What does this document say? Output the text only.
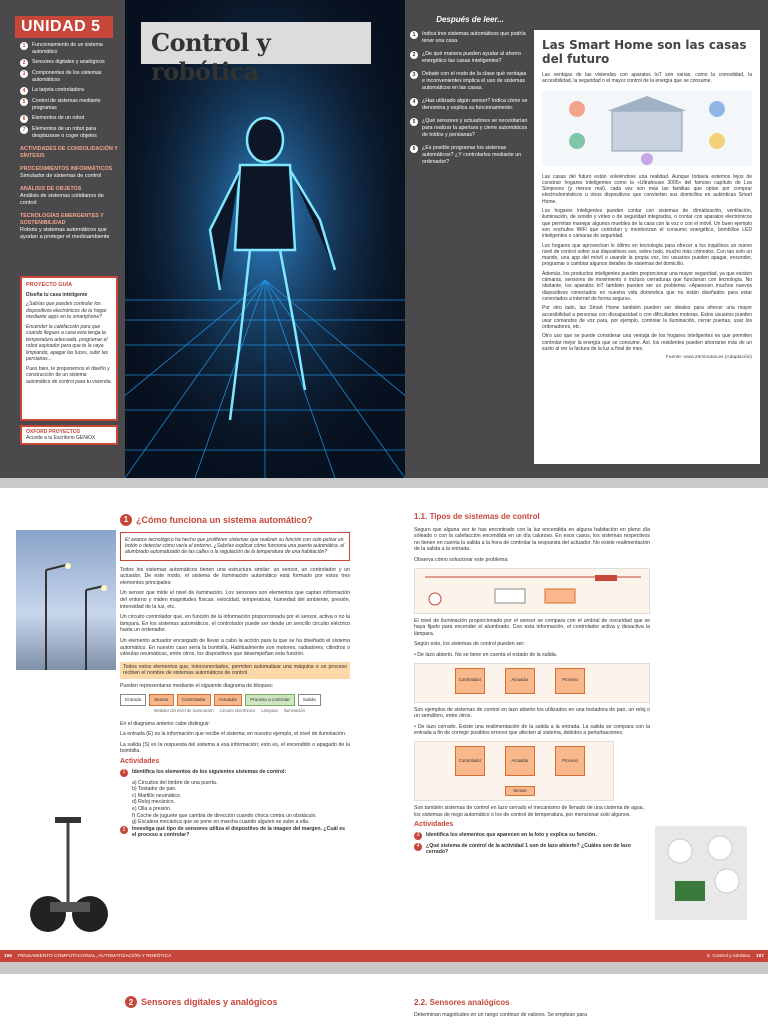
UNIDAD 5
1	Funcionamiento de un sistema automático
2	Sensores digitales y analógicos
3	Componentes de los sistemas automáticos
4	La tarjeta controladora
5	Control de sistemas mediante programas
6	Elementos de un robot
7	Elementos de un robot para desplazarse o coger objetos
ACTIVIDADES DE CONSOLIDACIÓN Y SÍNTESIS
PROCEDIMIENTOS INFORMÁTICOS
Simulador de sistemas de control
ANÁLISIS DE OBJETOS
Análisis de sistemas cotidianos de control
TECNOLOGÍAS EMERGENTES Y SOSTENIBILIDAD
Robots y sistemas automáticos que ayudan a proteger el medioambiente
PROYECTO GUÍA
Diseña tu casa inteligente

¿Sabías que puedes controlar los dispositivos electrónicos de tu hogar mediante apps en tu smartphone?

Encender la calefacción para que cuando llegues a casa esta tenga la temperatura adecuada, programar el robot aspirador para que te la vaya limpiando, apagar las luces, subir las persianas...

Pues bien, te proponemos el diseño y construcción de un sistema automático de control para tu vivienda.

OXFORD PROYECTOS
Accede a tu Escritorio GENiOX
Control y robótica
Después de leer...
1	Indica tres sistemas automáticos que podría tener una casa.
2	¿De qué manera pueden ayudar al ahorro energético las casas inteligentes?
3	Debate con el resto de la clase qué ventajas e inconvenientes implica el uso de sistemas automáticos en las casas.
4	¿Has utilizado algún sensor? Indica cómo se denomina y explica su funcionamiento.
5	¿Qué sensores y actuadores se necesitarían para realizar la apertura y cierre automáticos de toldos y persianas?
6	¿Es posible programar los sistemas automáticos? ¿Y controlarlos mediante un ordenador?
Las Smart Home son las casas del futuro

Las ventajas de las viviendas con aparatos IoT son varias, como la comodidad, la accesibilidad, la seguridad o el mayor control de la energía que se consume.

Las casas del futuro están volviéndose una realidad. Aunque todavía estemos lejos de construir hogares inteligentes como la «Ultrahouse 3000» del famoso capítulo de Los Simpsons (y menos mal), cada vez son más las familias que optan por comprar electrodomésticos u otros dispositivos que convierten sus domicilios en auténticas Smart Home.

Los hogares inteligentes pueden contar con sistemas de climatización, ventilación, iluminación, de sonido y vídeo o de seguridad integrados, o contar con aparatos electrónicos que permitan manejar algunos muebles de la casa con la voz o con el móvil. Un buen ejemplo son enchufes WiFi que controlan y monitorizan el consumo energético, bombillos LED inteligentes o cámaras de seguridad.

Los hogares que aprovechan lo último en tecnología para ofrecer a los inquilinos un nuevo nivel de control sobre sus dispositivos son, sobre todo, mucho más cómodos. Con tan solo un mando, una app del móvil o usando la propia voz, los usuarios pueden apagar, encender, programar o cambiar algunos detalles de sistemas del domicilio.

Además, los productos inteligentes pueden proporcionar una mayor seguridad, ya que existen cámaras, sensores de movimiento o incluso cerraduras que funcionan con tecnología. No obstante, los aparatos IoT también pueden ser un problema: «Aparecen muchos nuevos dispositivos conectados en nuestra vida doméstica que no están diseñados para estar conectados a internet de forma segura».

Por otro lado, las Smart Home también pueden ser ideales para ofrecer una mayor accesibilidad a personas con discapacidad o con dificultades motoras. Estos usuarios pueden usar comandos de voz para, por ejemplo, controlar la iluminación, cerrar puertas, usar los ordenadores, etc.

Otro uso que se puede considerar una ventaja de los hogares inteligentes es que permiten controlar mejor la energía que se consume. Así, los residentes pueden ahorrarse más de un susto al ver la factura de la luz a final de mes.

Fuente: www.20minutos.es (Adaptación)
1 ¿Cómo funciona un sistema automático?
El avance tecnológico ha hecho que proliferen sistemas que realizan su función con solo pulsar un botón o detectar cómo varía el entorno. ¿Sabrías explicar cómo funciona una puerta automática, el alumbrado automatizado de las calles o la regulación de la temperatura de una habitación?

Todos los sistemas automáticos tienen una estructura similar: un sensor, un controlador y un actuador. De este modo, el sistema de iluminación automático está formado por estos tres elementos principales:

Un sensor que mide el nivel de iluminación. Los sensores son elementos que captan información del entorno y miden magnitudes físicas: velocidad, temperatura, humedad del ambiente, presión, intensidad de la luz, etc.

Un circuito controlador que, en función de la información proporcionada por el sensor, activa o no la lámpara. En los sistemas automáticos, el controlador puede ser desde un sencillo circuito eléctrico hasta un ordenador.

Un elemento actuador encargado de llevar a cabo la acción para la que se ha diseñado el sistema automático. En nuestro caso sería la bombilla. Habitualmente son motores, radiadores, cilindros o válvulas neumáticas, entre otros, los dispositivos que desempeñan esta función.

Todos estos elementos que, interconectados, permiten automatizar una máquina o un proceso reciben el nombre de sistemas automáticos de control.

Pueden representarse mediante el siguiente diagrama de bloques:

Entrada	Sensor	Controlador	Actuador	Proceso a controlar	Salida
Medidor del nivel de iluminación Circuito electrónico Lámpara Iluminación

En el diagrama anterior cabe distinguir:

La entrada (E) es la información que recibe el sistema; en nuestro ejemplo, el nivel de iluminación.

La salida (S) es la respuesta del sistema a esa información; esto es, el encendido o apagado de la bombilla.

Actividades
1	Identifica los elementos de los siguientes sistemas de control:
a) Circuitos del timbre de una puerta.
b) Tostador de pan.
c) Martillo neumático.
d) Reloj mecánico.
e) Olla a presión.
f) Coche de juguete que cambia de dirección cuando choca contra un obstáculo.
g) Escalera mecánica que se pone en marcha cuando alguien se sube a ella.
2	Investiga qué tipo de sensores utiliza el dispositivo de la imagen del margen. ¿Cuál es el proceso a controlar?
1.1. Tipos de sistemas de control

Seguro que alguna vez te has encontrado con la luz encendida en alguna habitación en pleno día soleado o con la calefacción encendida en un día caluroso. En esos casos, los sistemas respectivos no tienen en cuenta la salida a la hora de controlar la respuesta del actuador. No existe realimentación de la salida a la entrada.

Observa cómo solucionar este problema:

El nivel de iluminación proporcionado por el sensor se compara con el umbral de oscuridad que se haya fijado para encender el alumbrado. Con esta información, el controlador activa y desactiva la lámpara.

Según esto, los sistemas de control pueden ser:

• De lazo abierto. No se tiene en cuenta el estado de la salida.

Controlador	Actuador	Proceso

Son ejemplos de sistemas de control en lazo abierto los utilizados en una tostadora de pan, un reloj o un semáforo, entre otros.

• De lazo cerrado. Existe una realimentación de la salida a la entrada. La salida se compara con la entrada a fin de corregir posibles errores que afecten al sistema, debidos a perturbaciones.

Controlador	Actuador	Proceso
Sensor

Son también sistemas de control en lazo cerrado el mecanismo de llenado de una cisterna de agua, los sistemas de riego automático o los de control de temperatura, por mencionar solo algunos.

Actividades
3	Identifica los elementos que aparecen en la foto y explica su función.
4	¿Qué sistema de control de la actividad 1 son de lazo abierto? ¿Cuáles son de lazo cerrado?
106 PENSAMIENTO COMPUTACIONAL, AUTOMATIZACIÓN Y ROBÓTICA	5. Control y robótica 107
2 Sensores digitales y analógicos	2.2. Sensores analógicos
Determinan magnitudes en un rango continuo de valores. Se emplean para
